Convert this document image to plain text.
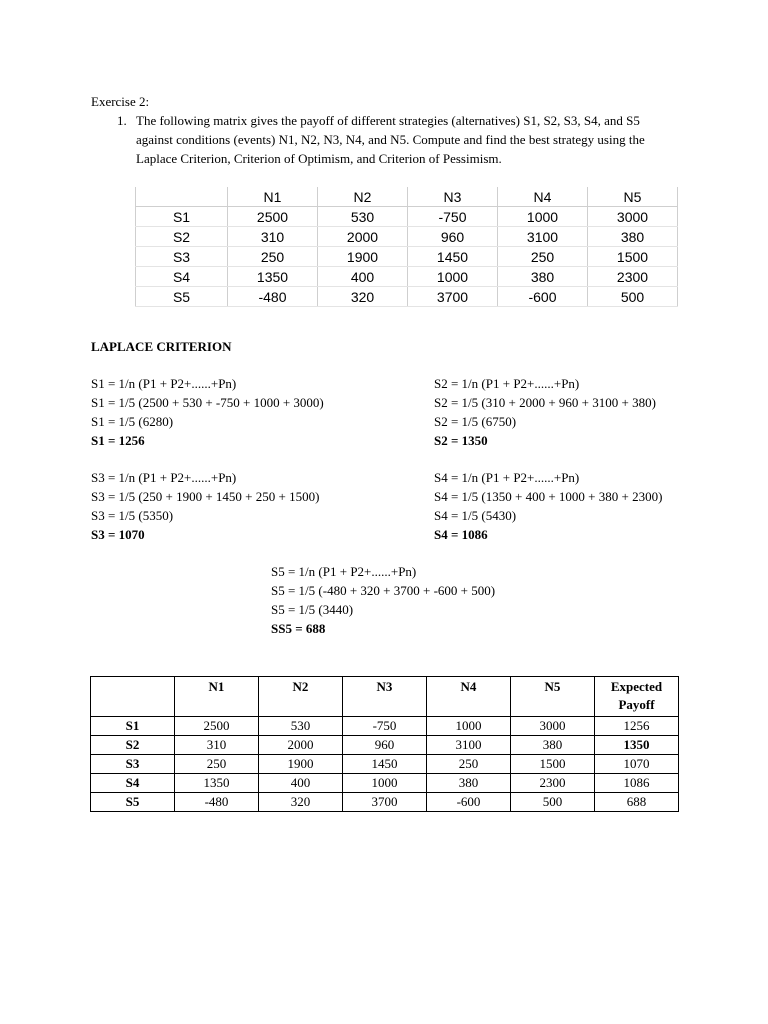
Exercise 2:
1. The following matrix gives the payoff of different strategies (alternatives) S1, S2, S3, S4, and S5
against conditions (events) N1, N2, N3, N4, and N5. Compute and find the best strategy using the
Laplace Criterion, Criterion of Optimism, and Criterion of Pessimism.
	N1	N2	N3	N4	N5
S1	2500	530	-750	1000	3000
S2	310	2000	960	3100	380
S3	250	1900	1450	250	1500
S4	1350	400	1000	380	2300
S5	-480	320	3700	-600	500
LAPLACE CRITERION
S1 = 1/n (P1 + P2+......+Pn)
S1 = 1/5 (2500 + 530 + -750 + 1000 + 3000)
S1 = 1/5 (6280)
S1 = 1256
S2 = 1/n (P1 + P2+......+Pn)
S2 = 1/5 (310 + 2000 + 960 + 3100 + 380)
S2 = 1/5 (6750)
S2 = 1350
S3 = 1/n (P1 + P2+......+Pn)
S3 = 1/5 (250 + 1900 + 1450 + 250 + 1500)
S3 = 1/5 (5350)
S3 = 1070
S4 = 1/n (P1 + P2+......+Pn)
S4 = 1/5 (1350 + 400 + 1000 + 380 + 2300)
S4 = 1/5 (5430)
S4 = 1086
S5 = 1/n (P1 + P2+......+Pn)
S5 = 1/5 (-480 + 320 + 3700 + -600 + 500)
S5 = 1/5 (3440)
SS5 = 688
	N1	N2	N3	N4	N5	Expected Payoff
S1	2500	530	-750	1000	3000	1256
S2	310	2000	960	3100	380	1350
S3	250	1900	1450	250	1500	1070
S4	1350	400	1000	380	2300	1086
S5	-480	320	3700	-600	500	688
